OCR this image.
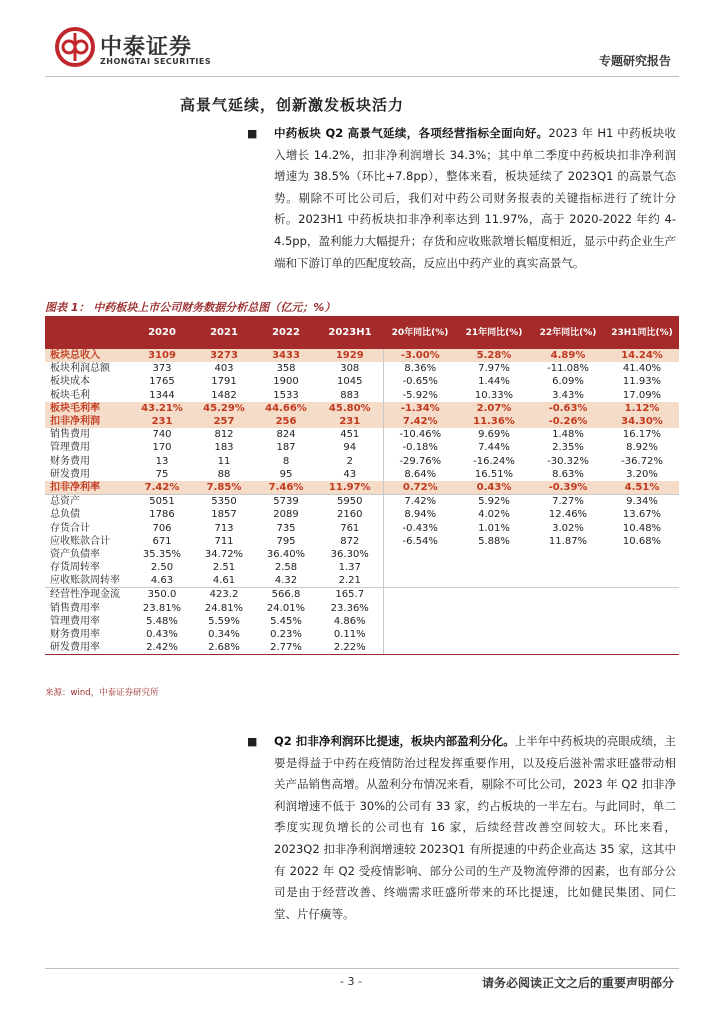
中泰证券
ZHONGTAI SECURITIES	专题研究报告
高景气延续，创新激发板块活力
■ 中药板块 Q2 高景气延续，各项经营指标全面向好。2023 年 H1 中药板块收入增长 14.2%，扣非净利润增长 34.3%；其中单二季度中药板块扣非净利润增速为 38.5%（环比+7.8pp），整体来看，板块延续了 2023Q1 的高景气态势。剔除不可比公司后，我们对中药公司财务报表的关键指标进行了统计分析。2023H1 中药板块扣非净利率达到 11.97%，高于 2020-2022 年约 4-4.5pp，盈利能力大幅提升；存货和应收账款增长幅度相近，显示中药企业生产端和下游订单的匹配度较高，反应出中药产业的真实高景气。
图表 1： 中药板块上市公司财务数据分析总图（亿元；%）
	2020	2021	2022	2023H1	20年同比(%)	21年同比(%)	22年同比(%)	23H1同比(%)
板块总收入	3109	3273	3433	1929	-3.00%	5.28%	4.89%	14.24%
板块利润总额	373	403	358	308	8.36%	7.97%	-11.08%	41.40%
板块成本	1765	1791	1900	1045	-0.65%	1.44%	6.09%	11.93%
板块毛利	1344	1482	1533	883	-5.92%	10.33%	3.43%	17.09%
板块毛利率	43.21%	45.29%	44.66%	45.80%	-1.34%	2.07%	-0.63%	1.12%
扣非净利润	231	257	256	231	7.42%	11.36%	-0.26%	34.30%
销售费用	740	812	824	451	-10.46%	9.69%	1.48%	16.17%
管理费用	170	183	187	94	-0.18%	7.44%	2.35%	8.92%
财务费用	13	11	8	2	-29.76%	-16.24%	-30.32%	-36.72%
研发费用	75	88	95	43	8.64%	16.51%	8.63%	3.20%
扣非净利率	7.42%	7.85%	7.46%	11.97%	0.72%	0.43%	-0.39%	4.51%
总资产	5051	5350	5739	5950	7.42%	5.92%	7.27%	9.34%
总负债	1786	1857	2089	2160	8.94%	4.02%	12.46%	13.67%
存货合计	706	713	735	761	-0.43%	1.01%	3.02%	10.48%
应收账款合计	671	711	795	872	-6.54%	5.88%	11.87%	10.68%
资产负债率	35.35%	34.72%	36.40%	36.30%				
存货周转率	2.50	2.51	2.58	1.37				
应收账款周转率	4.63	4.61	4.32	2.21				
经营性净现金流	350.0	423.2	566.8	165.7				
销售费用率	23.81%	24.81%	24.01%	23.36%				
管理费用率	5.48%	5.59%	5.45%	4.86%				
财务费用率	0.43%	0.34%	0.23%	0.11%				
研发费用率	2.42%	2.68%	2.77%	2.22%				
来源：wind，中泰证券研究所
■ Q2 扣非净利润环比提速，板块内部盈利分化。上半年中药板块的亮眼成绩，主要是得益于中药在疫情防治过程发挥重要作用，以及疫后滋补需求旺盛带动相关产品销售高增。从盈利分布情况来看，剔除不可比公司，2023 年 Q2 扣非净利润增速不低于 30%的公司有 33 家，约占板块的一半左右。与此同时，单二季度实现负增长的公司也有 16 家，后续经营改善空间较大。环比来看，2023Q2 扣非净利润增速较 2023Q1 有所提速的中药企业高达 35 家，这其中有 2022 年 Q2 受疫情影响、部分公司的生产及物流停滞的因素，也有部分公司是由于经营改善、终端需求旺盛所带来的环比提速，比如健民集团、同仁堂、片仔癀等。
- 3 -	请务必阅读正文之后的重要声明部分
